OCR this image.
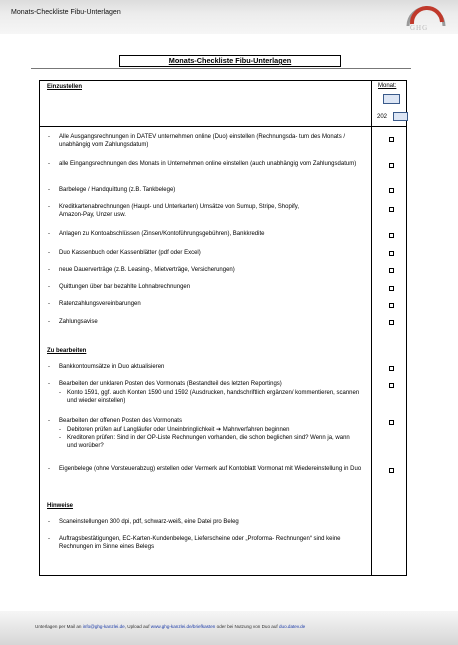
Monats-Checkliste Fibu-Unterlagen
GHG
Monats-Checkliste Fibu-Unterlagen
Monat:
202
Einzustellen
- Alle Ausgangsrechnungen in DATEV unternehmen online (Duo) einstellen (Rechnungsda- tum des Monats / unabhängig vom Zahlungsdatum)
- alle Eingangsrechnungen des Monats in Unternehmen online einstellen (auch unabhängig vom Zahlungsdatum)
- Barbelege / Handquittung (z.B. Tankbelege)
- Kreditkartenabrechnungen (Haupt- und Unterkarten) Umsätze von Sumup, Stripe, Shopify, Amazon-Pay, Unzer usw.
- Anlagen zu Kontoabschlüssen (Zinsen/Kontoführungsgebühren), Bankkredite
- Duo Kassenbuch oder Kassenblätter (pdf oder Excel)
- neue Dauerverträge (z.B. Leasing-, Mietverträge, Versicherungen)
- Quittungen über bar bezahlte Lohnabrechnungen
- Ratenzahlungsvereinbarungen
- Zahlungsavise
Zu bearbeiten
- Bankkontoumsätze in Duo aktualisieren
- Bearbeiten der unklaren Posten des Vormonats (Bestandteil des letzten Reportings)
- Konto 1591, ggf. auch Konten 1590 und 1592 (Ausdrucken, handschriftlich ergänzen/ kommentieren, scannen und wieder einstellen)
- Bearbeiten der offenen Posten des Vormonats
- Debitoren prüfen auf Langläufer oder Uneinbringlichkeit ➔ Mahnverfahren beginnen
- Kreditoren prüfen: Sind in der OP-Liste Rechnungen vorhanden, die schon beglichen sind? Wenn ja, wann und worüber?
- Eigenbelege (ohne Vorsteuerabzug) erstellen oder Vermerk auf Kontoblatt Vormonat mit Wiedereinstellung in Duo
Hinweise
- Scaneinstellungen 300 dpi, pdf, schwarz-weiß, eine Datei pro Beleg
- Auftragsbestätigungen, EC-Karten-Kundenbelege, Lieferscheine oder „Proforma- Rechnungen“ sind keine Rechnungen im Sinne eines Belegs
Unterlagen per Mail an info@ghg-kanzlei.de, Upload auf www.ghg-kanzlei.de/briefkasten oder bei Nutzung von Duo auf duo.datev.de
